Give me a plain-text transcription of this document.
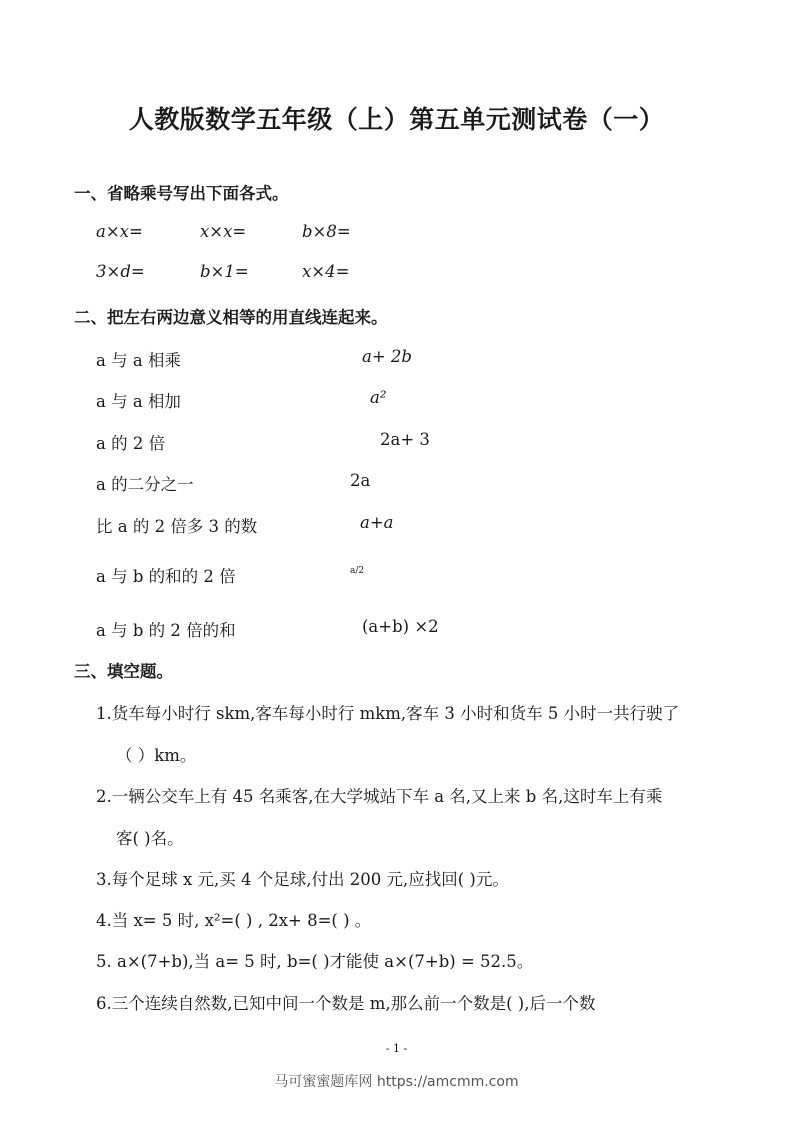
人教版数学五年级（上）第五单元测试卷（一）
一、省略乘号写出下面各式。
a×x=	x×x=	b×8=
3×d=	b×1=	x×4=
二、把左右两边意义相等的用直线连起来。
a 与 a 相乘
a 与 a 相加
a 的 2 倍
a 的二分之一
比 a 的 2 倍多 3 的数
a 与 b 的和的 2 倍
a 与 b 的 2 倍的和
a+ 2b
a²
2a+ 3
2a
a+a
a/2
(a+b) ×2
三、填空题。
1.货车每小时行 skm,客车每小时行 mkm,客车 3 小时和货车 5 小时一共行驶了
（ ）km。
2.一辆公交车上有 45 名乘客,在大学城站下车 a 名,又上来 b 名,这时车上有乘
客( )名。
3.每个足球 x 元,买 4 个足球,付出 200 元,应找回( )元。
4.当 x= 5 时, x²=( ) , 2x+ 8=( ) 。
5. a×(7+b),当 a= 5 时, b=( )才能使 a×(7+b) = 52.5。
6.三个连续自然数,已知中间一个数是 m,那么前一个数是( ),后一个数
- 1 -
马可蜜蜜题库网 https://amcmm.com
